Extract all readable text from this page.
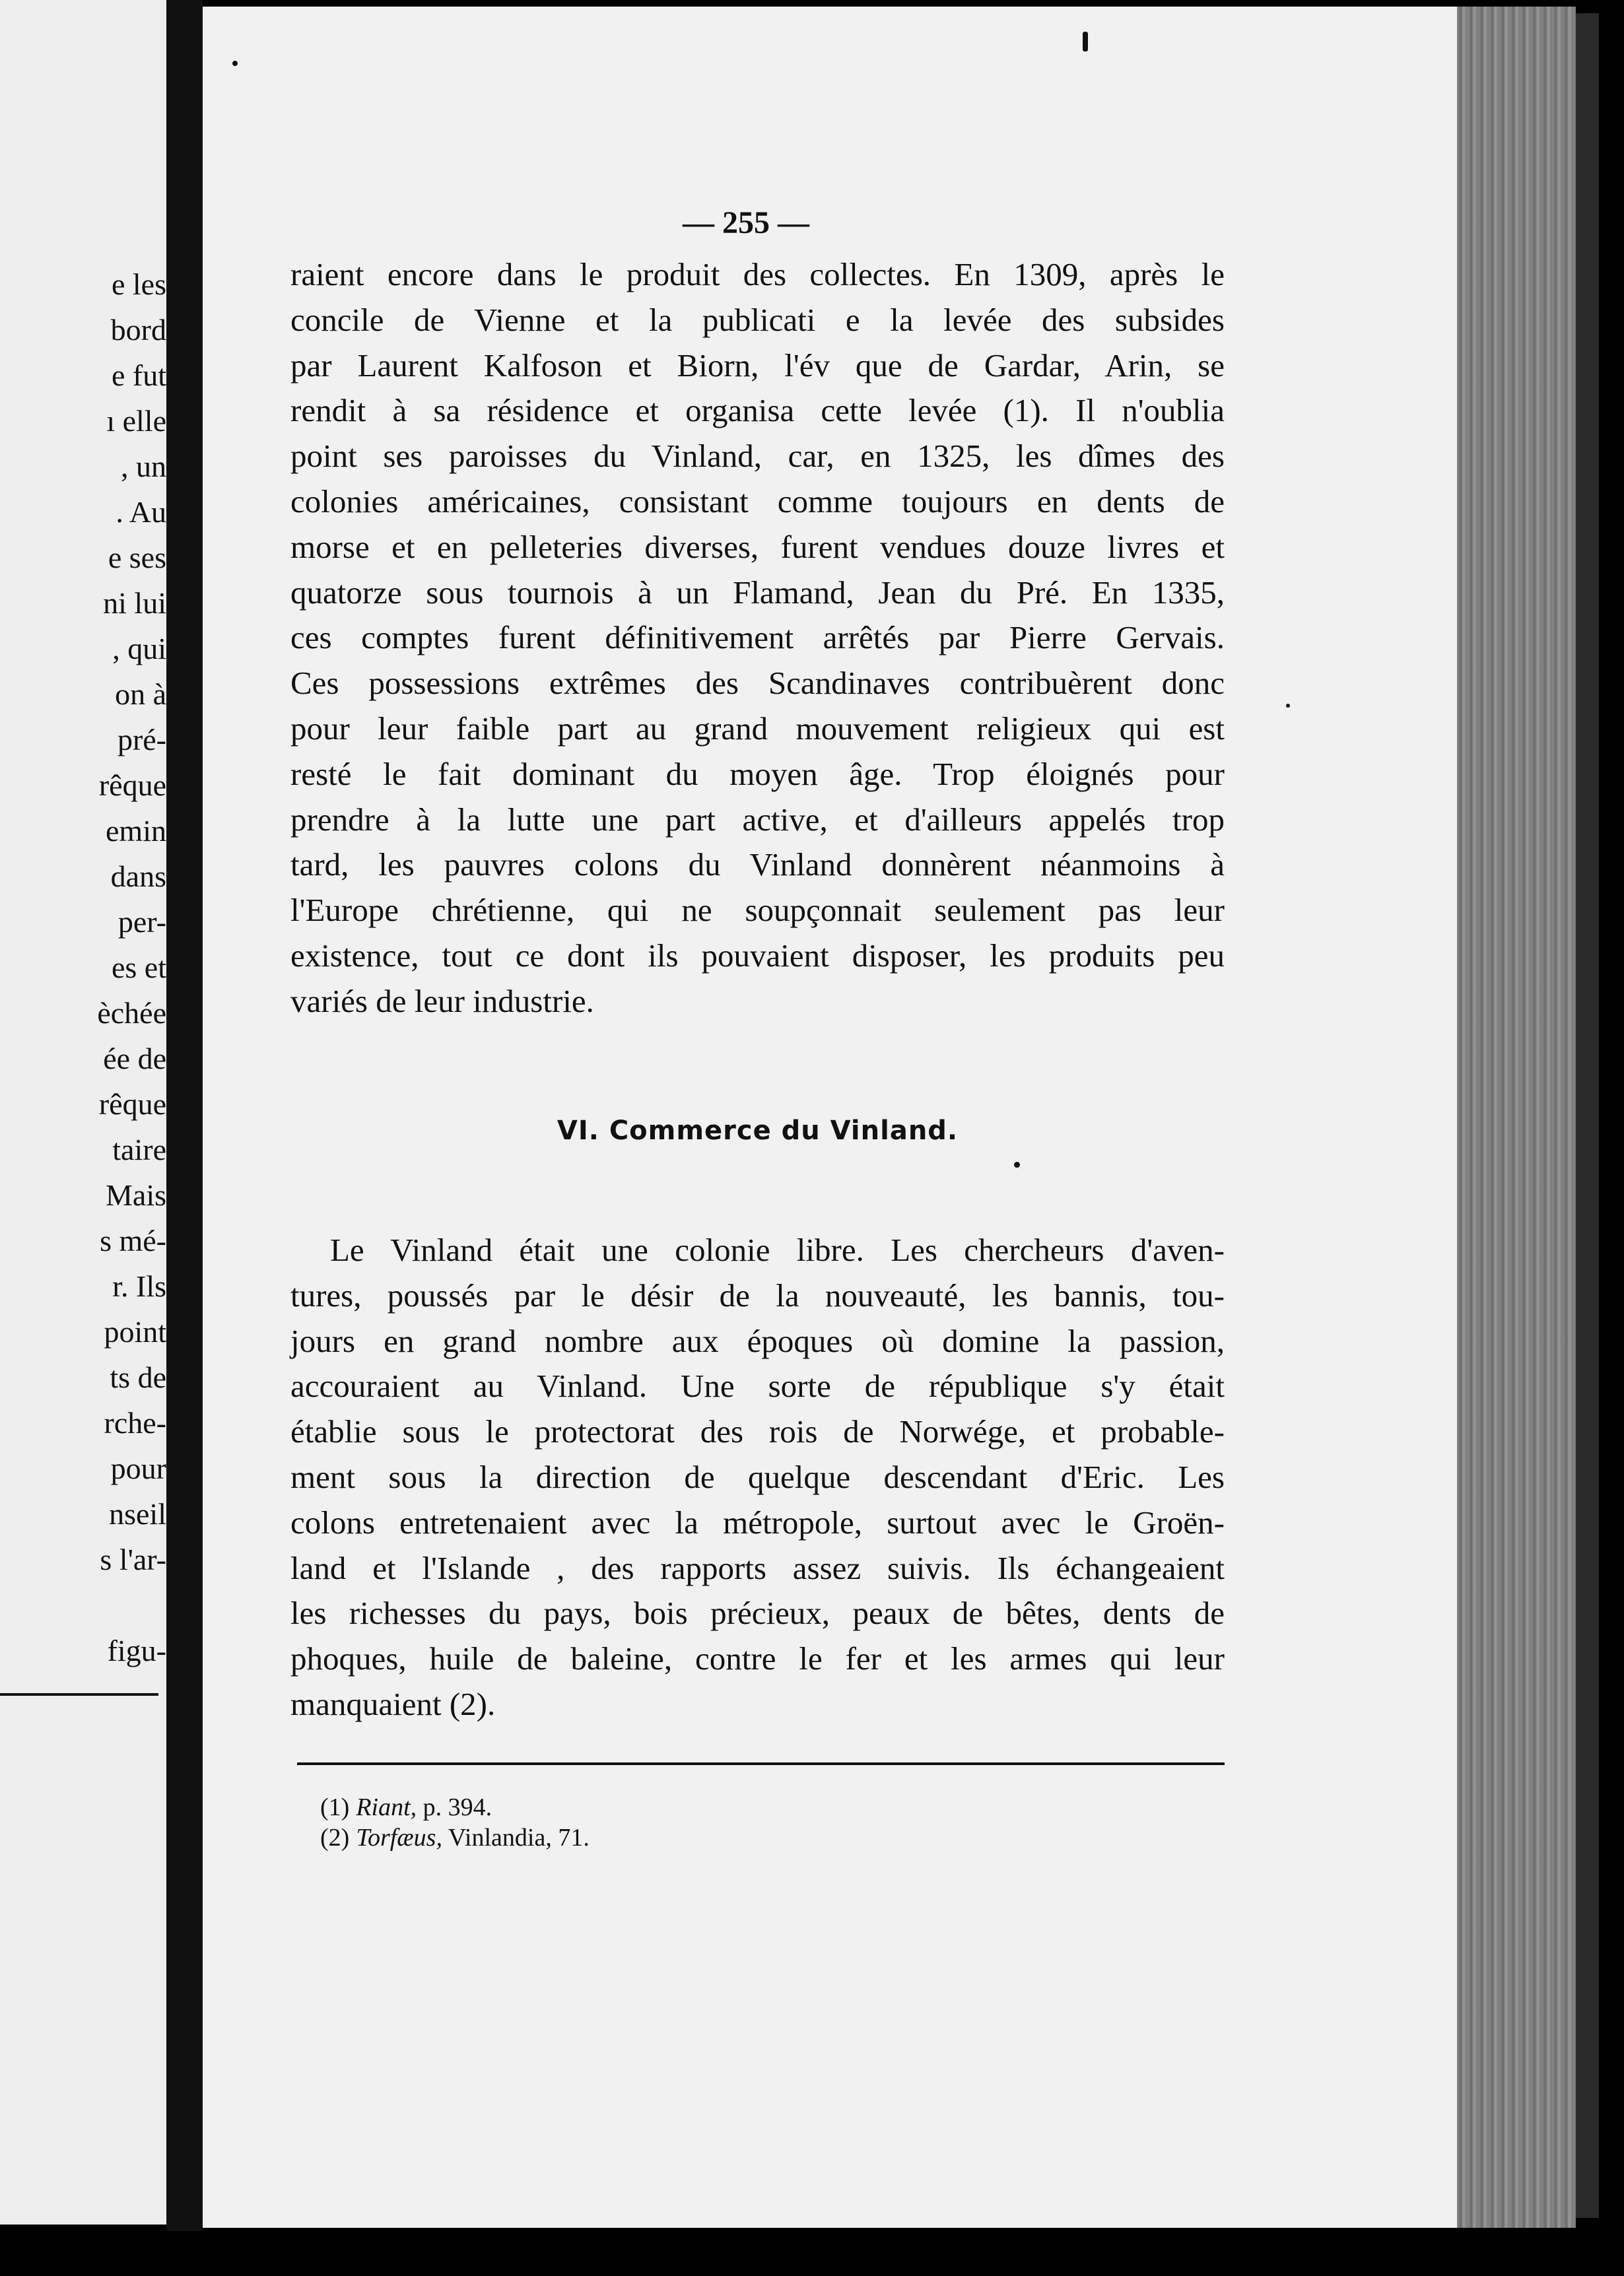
e les
bord
e fut
ı elle
, un
. Au
e ses
ni lui
, qui
on à
pré-
rêque
emin
dans
per-
es et
èchée
ée de
rêque
taire
Mais
s mé-
r. Ils
point
ts de
rche-
pour
nseil
s l'ar-
figu-
— 255 —
raient encore dans le produit des collectes. En 1309, après le
concile de Vienne et la publicati e la levée des subsides
par Laurent Kalfoson et Biorn, l'év que de Gardar, Arin, se
rendit à sa résidence et organisa cette levée (1). Il n'oublia
point ses paroisses du Vinland, car, en 1325, les dîmes des
colonies américaines, consistant comme toujours en dents de
morse et en pelleteries diverses, furent vendues douze livres et
quatorze sous tournois à un Flamand, Jean du Pré. En 1335,
ces comptes furent définitivement arrêtés par Pierre Gervais.
Ces possessions extrêmes des Scandinaves contribuèrent donc
pour leur faible part au grand mouvement religieux qui est
resté le fait dominant du moyen âge. Trop éloignés pour
prendre à la lutte une part active, et d'ailleurs appelés trop
tard, les pauvres colons du Vinland donnèrent néanmoins à
l'Europe chrétienne, qui ne soupçonnait seulement pas leur
existence, tout ce dont ils pouvaient disposer, les produits peu
variés de leur industrie.
VI. Commerce du Vinland.
Le Vinland était une colonie libre. Les chercheurs d'aven-
tures, poussés par le désir de la nouveauté, les bannis, tou-
jours en grand nombre aux époques où domine la passion,
accouraient au Vinland. Une sorte de république s'y était
établie sous le protectorat des rois de Norwége, et probable-
ment sous la direction de quelque descendant d'Eric. Les
colons entretenaient avec la métropole, surtout avec le Groën-
land et l'Islande , des rapports assez suivis. Ils échangeaient
les richesses du pays, bois précieux, peaux de bêtes, dents de
phoques, huile de baleine, contre le fer et les armes qui leur
manquaient (2).
(1) Riant, p. 394.
(2) Torfæus, Vinlandia, 71.
